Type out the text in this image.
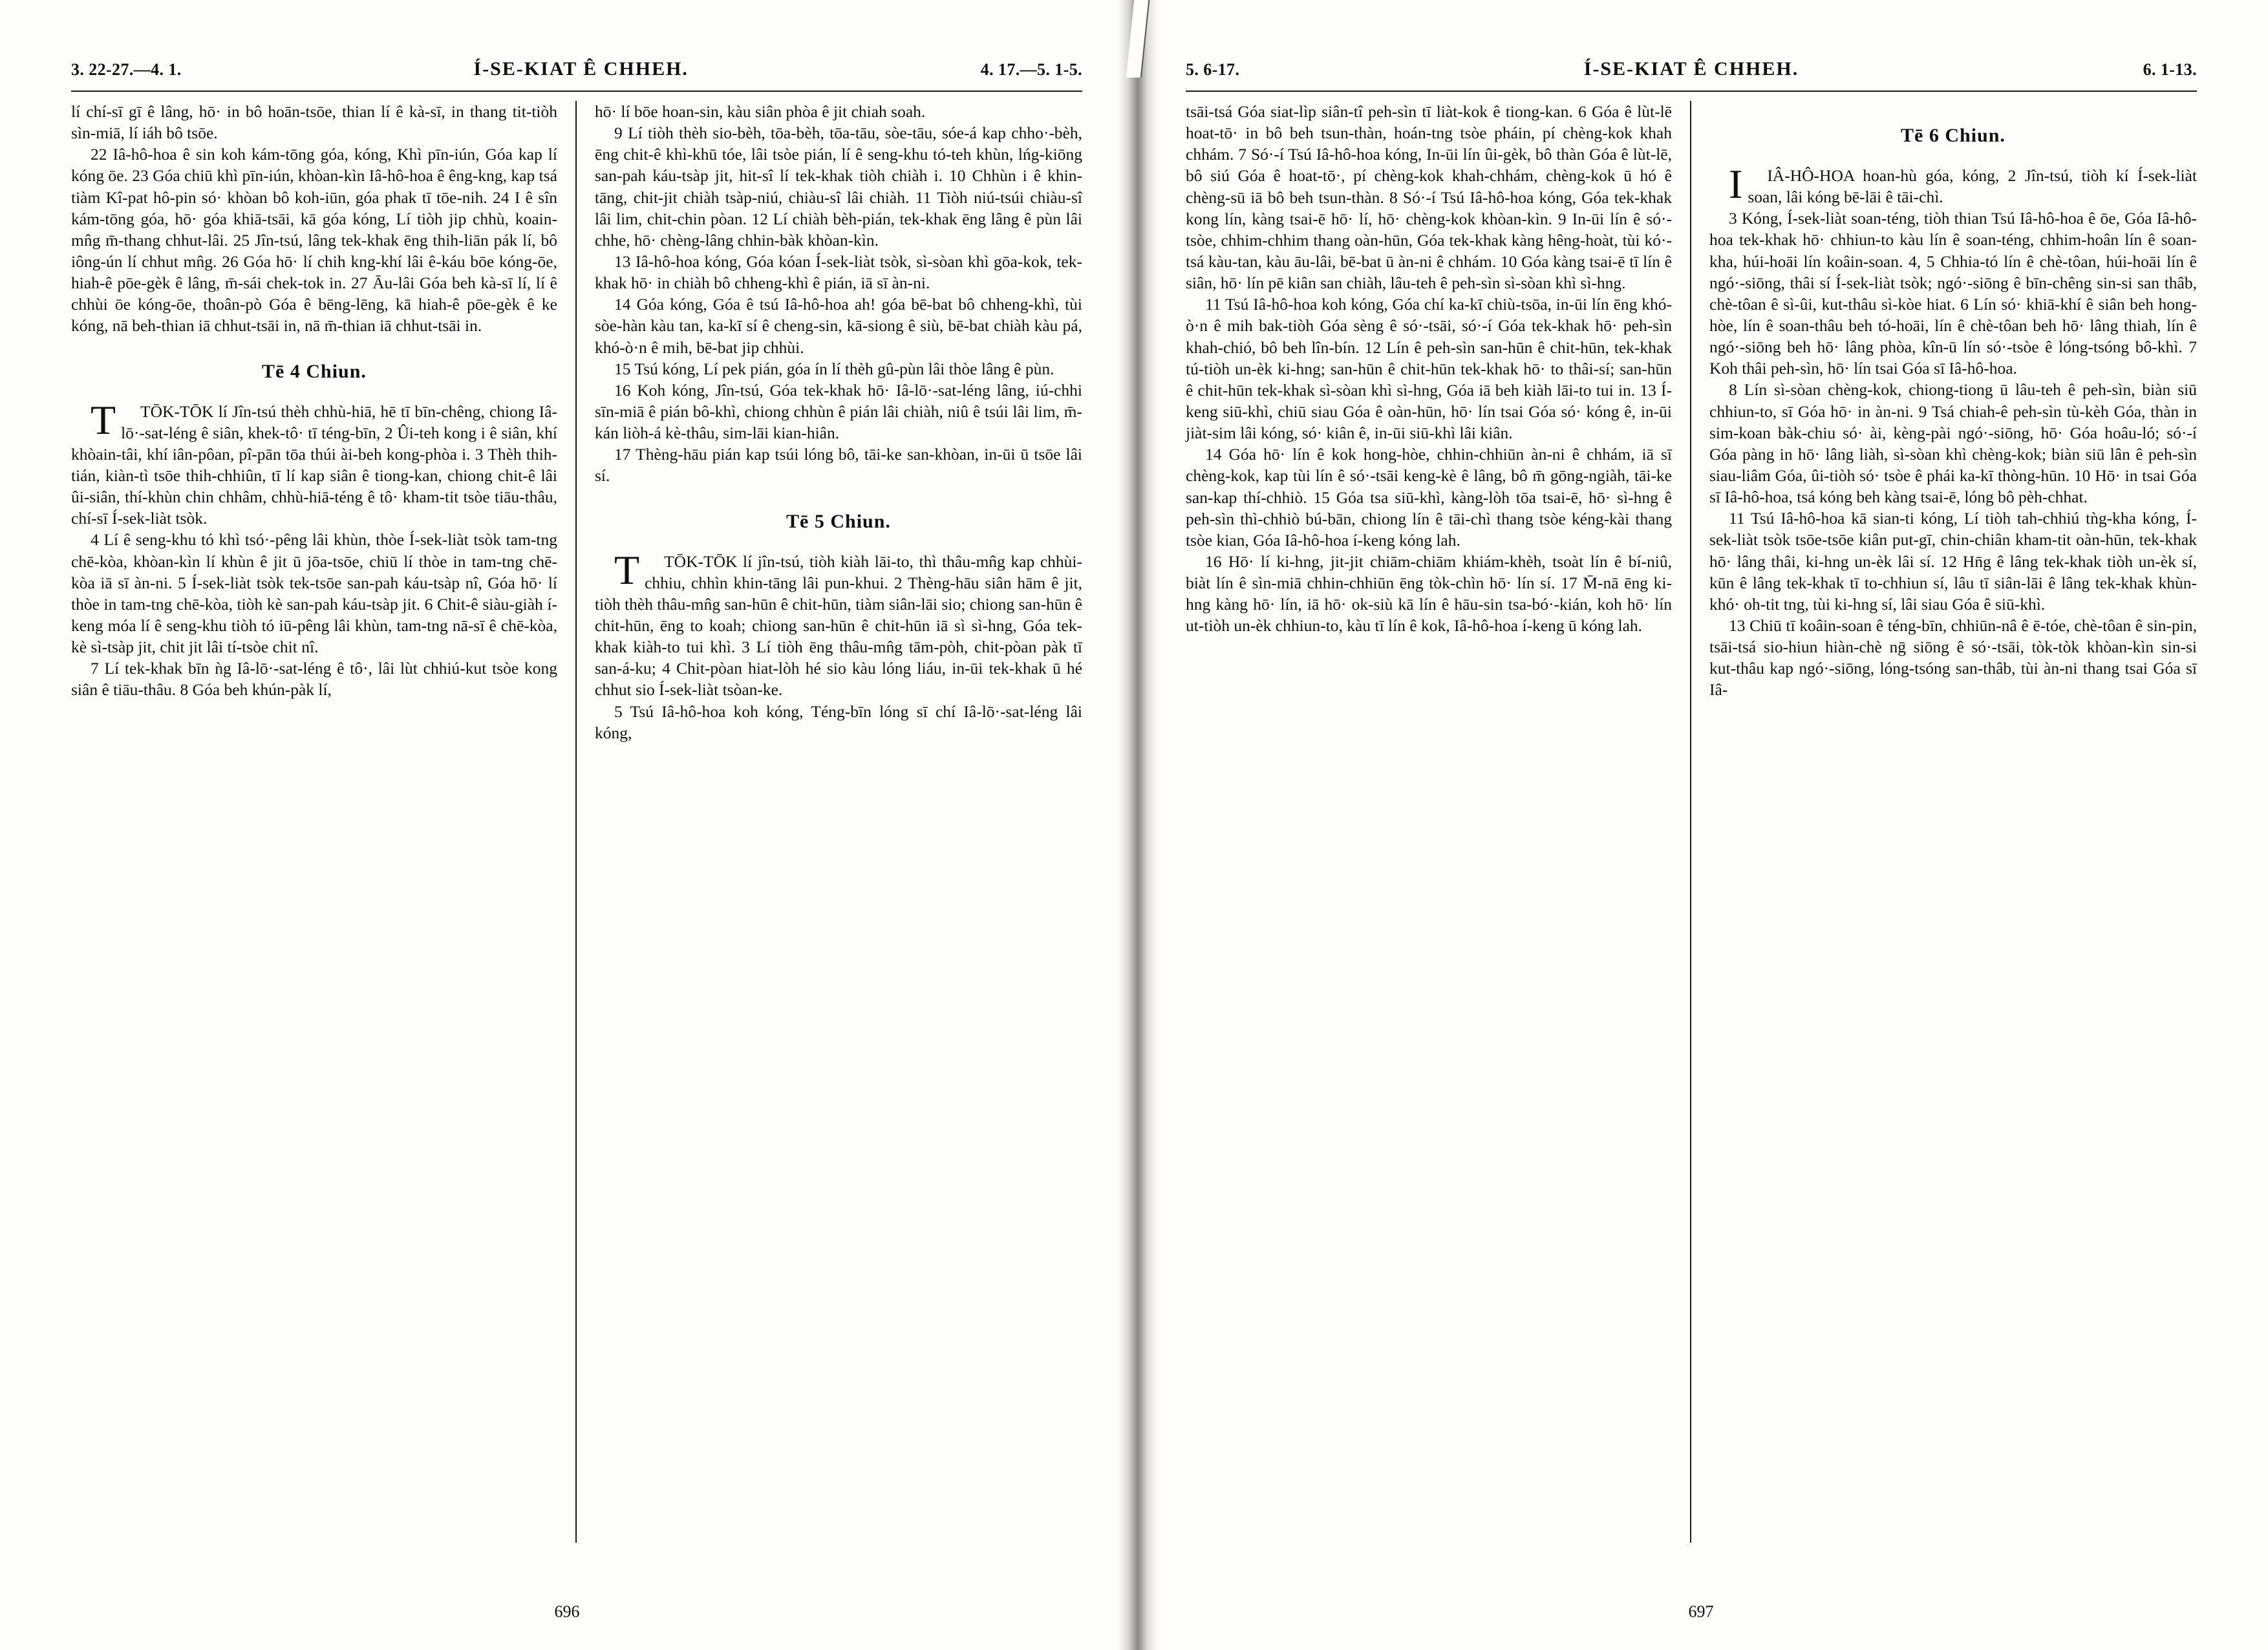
3. 22-27.—4. 1.	Í-SE-KIAT Ê CHHEH.	4. 17.—5. 1-5.

lí chí-sī gī ê lâng, hō· in bô hoān-tsōe, thian lí ê kà-sī, in thang tit-tiòh sìn-miā, lí iáh bô tsōe.

22 Iâ-hô-hoa ê sin koh kám-tōng góa, kóng, Khì pīn-iún, Góa kap lí kóng ōe. 23 Góa chiū khì pīn-iún, khòan-kìn Iâ-hô-hoa ê êng-kng, kap tsá tiàm Kî-pat hô-pin só· khòan bô koh-iūn, góa phak tī tōe-nih. 24 I ê sîn kám-tōng góa, hō· góa khiā-tsāi, kā góa kóng, Lí tiòh jip chhù, koain-mn̂g m̄-thang chhut-lâi. 25 Jîn-tsú, lâng tek-khak ēng thih-liān pák lí, bô iông-ún lí chhut mn̂g. 26 Góa hō· lí chih kng-khí lâi ê-káu bōe kóng-ōe, hiah-ê pōe-gèk ê lâng, m̄-sái chek-tok in. 27 Āu-lâi Góa beh kà-sī lí, lí ê chhùi ōe kóng-ōe, thoân-pò Góa ê bēng-lēng, kā hiah-ê pōe-gèk ê ke kóng, nā beh-thian iā chhut-tsāi in, nā m̄-thian iā chhut-tsāi in.

Tē 4 Chiun.

T	TŌK-TŌK lí Jîn-tsú thèh chhù-hiā, hē tī bīn-chêng, chiong Iâ-lō·-sat-léng ê siân, khek-tô· tī téng-bīn, 2 Ûi-teh kong i ê siân, khí khòain-tâi, khí iân-pôan, pî-pān tōa thúi ài-beh kong-phòa i. 3 Thèh thih-tián, kiàn-tì tsōe thih-chhiûn, tī lí kap siân ê tiong-kan, chiong chit-ê lâi ûi-siân, thí-khùn chin chhâm, chhù-hiā-téng ê tô· kham-tit tsòe tiāu-thâu, chí-sī Í-sek-liàt tsòk.

4 Lí ê seng-khu tó khì tsó·-pêng lâi khùn, thòe Í-sek-liàt tsòk tam-tng chē-kòa, khòan-kìn lí khùn ê jit ū jōa-tsōe, chiū lí thòe in tam-tng chē-kòa iā sī àn-ni. 5 Í-sek-liàt tsòk tek-tsōe san-pah káu-tsàp nî, Góa hō· lí thòe in tam-tng chē-kòa, tiòh kè san-pah káu-tsàp jit. 6 Chit-ê siàu-giàh í-keng móa lí ê seng-khu tiòh tó iū-pêng lâi khùn, tam-tng nā-sī ê chē-kòa, kè sì-tsàp jit, chit jit lâi tí-tsòe chit nî.

7 Lí tek-khak bīn ǹg Iâ-lō·-sat-léng ê tô·, lâi lùt chhiú-kut tsòe kong siân ê tiāu-thâu. 8 Góa beh khún-pàk lí,

hō· lí bōe hoan-sin, kàu siân phòa ê jit chiah soah.

9 Lí tiòh thèh sio-bèh, tōa-bèh, tōa-tāu, sòe-tāu, sóe-á kap chho·-bèh, ēng chit-ê khì-khū tóe, lâi tsòe pián, lí ê seng-khu tó-teh khùn, lńg-kiōng san-pah káu-tsàp jit, hit-sî lí tek-khak tiòh chiàh i. 10 Chhùn i ê khin-tāng, chit-jit chiàh tsàp-niú, chiàu-sî lâi chiàh. 11 Tiòh niú-tsúi chiàu-sî lâi lim, chit-chin pòan. 12 Lí chiàh bèh-pián, tek-khak ēng lâng ê pùn lâi chhe, hō· chèng-lâng chhin-bàk khòan-kìn.

13 Iâ-hô-hoa kóng, Góa kóan Í-sek-liàt tsòk, sì-sòan khì gōa-kok, tek-khak hō· in chiàh bô chheng-khì ê pián, iā sī àn-ni.

14 Góa kóng, Góa ê tsú Iâ-hô-hoa ah! góa bē-bat bô chheng-khì, tùi sòe-hàn kàu tan, ka-kī sí ê cheng-sin, kā-siong ê siù, bē-bat chiàh kàu pá, khó-ò·n ê mih, bē-bat jip chhùi.

15 Tsú kóng, Lí pek pián, góa ín lí thèh gû-pùn lâi thòe lâng ê pùn.

16 Koh kóng, Jîn-tsú, Góa tek-khak hō· Iâ-lō·-sat-léng lâng, iú-chhi sīn-miā ê pián bô-khì, chiong chhùn ê pián lâi chiàh, niû ê tsúi lâi lim, m̄-kán liòh-á kè-thâu, sim-lāi kian-hiân.

17 Thèng-hāu pián kap tsúi lóng bô, tāi-ke san-khòan, in-ūi ū tsōe lâi sí.

Tē 5 Chiun.

T	TŌK-TŌK lí jîn-tsú, tiòh kiàh lāi-to, thì thâu-mn̂g kap chhùi-chhiu, chhìn khin-tāng lâi pun-khui. 2 Thèng-hāu siân hām ê jit, tiòh thèh thâu-mn̂g san-hūn ê chit-hūn, tiàm siân-lāi sio; chiong san-hūn ê chit-hūn, ēng to koah; chiong san-hūn ê chit-hūn iā sì sì-hng, Góa tek-khak kiàh-to tui khì. 3 Lí tiòh ēng thâu-mn̂g tām-pòh, chit-pòan pàk tī san-á-ku; 4 Chit-pòan hiat-lòh hé sio kàu lóng liáu, in-ūi tek-khak ū hé chhut sio Í-sek-liàt tsòan-ke.

5 Tsú Iâ-hô-hoa koh kóng, Téng-bīn lóng sī chí Iâ-lō·-sat-léng lâi kóng,

696
5. 6-17.	Í-SE-KIAT Ê CHHEH.	6. 1-13.

tsāi-tsá Góa siat-lìp siân-tî peh-sìn tī liàt-kok ê tiong-kan. 6 Góa ê lùt-lē hoat-tō· in bô beh tsun-thàn, hoán-tng tsòe pháin, pí chèng-kok khah chhám. 7 Só·-í Tsú Iâ-hô-hoa kóng, In-ūi lín ûi-gèk, bô thàn Góa ê lùt-lē, bô siú Góa ê hoat-tō·, pí chèng-kok khah-chhám, chèng-kok ū hó ê chèng-sū iā bô beh tsun-thàn. 8 Só·-í Tsú Iâ-hô-hoa kóng, Góa tek-khak kong lín, kàng tsai-ē hō· lí, hō· chèng-kok khòan-kìn. 9 In-ūi lín ê só·-tsòe, chhim-chhim thang oàn-hūn, Góa tek-khak kàng hêng-hoàt, tùi kó·-tsá kàu-tan, kàu āu-lâi, bē-bat ū àn-ni ê chhám. 10 Góa kàng tsai-ē tī lín ê siân, hō· lín pē kiân san chiàh, lâu-teh ê peh-sìn sì-sòan khì sì-hng.

11 Tsú Iâ-hô-hoa koh kóng, Góa chí ka-kī chiù-tsōa, in-ūi lín ēng khó-ò·n ê mih bak-tiòh Góa sèng ê só·-tsāi, só·-í Góa tek-khak hō· peh-sìn khah-chió, bô beh lîn-bín. 12 Lín ê peh-sìn san-hūn ê chit-hūn, tek-khak tú-tiòh un-èk ki-hng; san-hūn ê chit-hūn tek-khak hō· to thâi-sí; san-hūn ê chit-hūn tek-khak sì-sòan khì sì-hng, Góa iā beh kiàh lāi-to tui in. 13 Í-keng siū-khì, chiū siau Góa ê oàn-hūn, hō· lín tsai Góa só· kóng ê, in-ūi jiàt-sim lâi kóng, só· kiân ê, in-ūi siū-khì lâi kiân.

14 Góa hō· lín ê kok hong-hòe, chhin-chhiūn àn-ni ê chhám, iā sī chèng-kok, kap tùi lín ê só·-tsāi keng-kè ê lâng, bô m̄ gōng-ngiàh, tāi-ke san-kap thí-chhiò. 15 Góa tsa siū-khì, kàng-lòh tōa tsai-ē, hō· sì-hng ê peh-sìn thì-chhiò bú-bān, chiong lín ê tāi-chì thang tsòe kéng-kài thang tsòe kian, Góa Iâ-hô-hoa í-keng kóng lah.

16 Hō· lí ki-hng, jit-jit chiām-chiām khiám-khèh, tsoàt lín ê bí-niû, biàt lín ê sìn-miā chhin-chhiūn ēng tòk-chìn hō· lín sí. 17 M̄-nā ēng ki-hng kàng hō· lín, iā hō· ok-siù kā lín ê hāu-sin tsa-bó·-kián, koh hō· lín ut-tiòh un-èk chhiun-to, kàu tī lín ê kok, Iâ-hô-hoa í-keng ū kóng lah.

Tē 6 Chiun.

I	IÂ-HÔ-HOA hoan-hù góa, kóng, 2 Jîn-tsú, tiòh kí Í-sek-liàt soan, lâi kóng bē-lāi ê tāi-chì.

3 Kóng, Í-sek-liàt soan-téng, tiòh thian Tsú Iâ-hô-hoa ê ōe, Góa Iâ-hô-hoa tek-khak hō· chhiun-to kàu lín ê soan-téng, chhim-hoân lín ê soan-kha, húi-hoāi lín koâin-soan. 4, 5 Chhia-tó lín ê chè-tôan, húi-hoāi lín ê ngó·-siōng, thâi sí Í-sek-liàt tsòk; ngó·-siōng ê bīn-chêng sin-si san thâb, chè-tôan ê sì-ûi, kut-thâu sì-kòe hiat. 6 Lín só· khiā-khí ê siân beh hong-hòe, lín ê soan-thâu beh tó-hoāi, lín ê chè-tôan beh hō· lâng thiah, lín ê ngó·-siōng beh hō· lâng phòa, kîn-ū lín só·-tsòe ê lóng-tsóng bô-khì. 7 Koh thâi peh-sìn, hō· lín tsai Góa sī Iâ-hô-hoa.

8 Lín sì-sòan chèng-kok, chiong-tiong ū lâu-teh ê peh-sìn, biàn siū chhiun-to, sī Góa hō· in àn-ni. 9 Tsá chiah-ê peh-sìn tù-kèh Góa, thàn in sim-koan bàk-chiu só· ài, kèng-pài ngó·-siōng, hō· Góa hoâu-ló; só·-í Góa pàng in hō· lâng liàh, sì-sòan khì chèng-kok; biàn siū lân ê peh-sìn siau-liâm Góa, ûi-tiòh só· tsòe ê phái ka-kī thòng-hūn. 10 Hō· in tsai Góa sī Iâ-hô-hoa, tsá kóng beh kàng tsai-ē, lóng bô pèh-chhat.

11 Tsú Iâ-hô-hoa kā sian-ti kóng, Lí tiòh tah-chhiú tǹg-kha kóng, Í-sek-liàt tsòk tsōe-tsōe kiân put-gī, chin-chiân kham-tit oàn-hūn, tek-khak hō· lâng thâi, ki-hng un-èk lâi sí. 12 Hn̄g ê lâng tek-khak tiòh un-èk sí, kūn ê lâng tek-khak tī to-chhiun sí, lâu tī siân-lāi ê lâng tek-khak khùn-khó· oh-tit tng, tùi ki-hng sí, lâi siau Góa ê siū-khì.

13 Chiū tī koâin-soan ê téng-bīn, chhiūn-nâ ê ē-tóe, chè-tôan ê sin-pin, tsāi-tsá sio-hiun hiàn-chè nḡ siōng ê só·-tsāi, tòk-tòk khòan-kìn sin-si kut-thâu kap ngó·-siōng, lóng-tsóng san-thâb, tùi àn-ni thang tsai Góa sī Iâ-

697
